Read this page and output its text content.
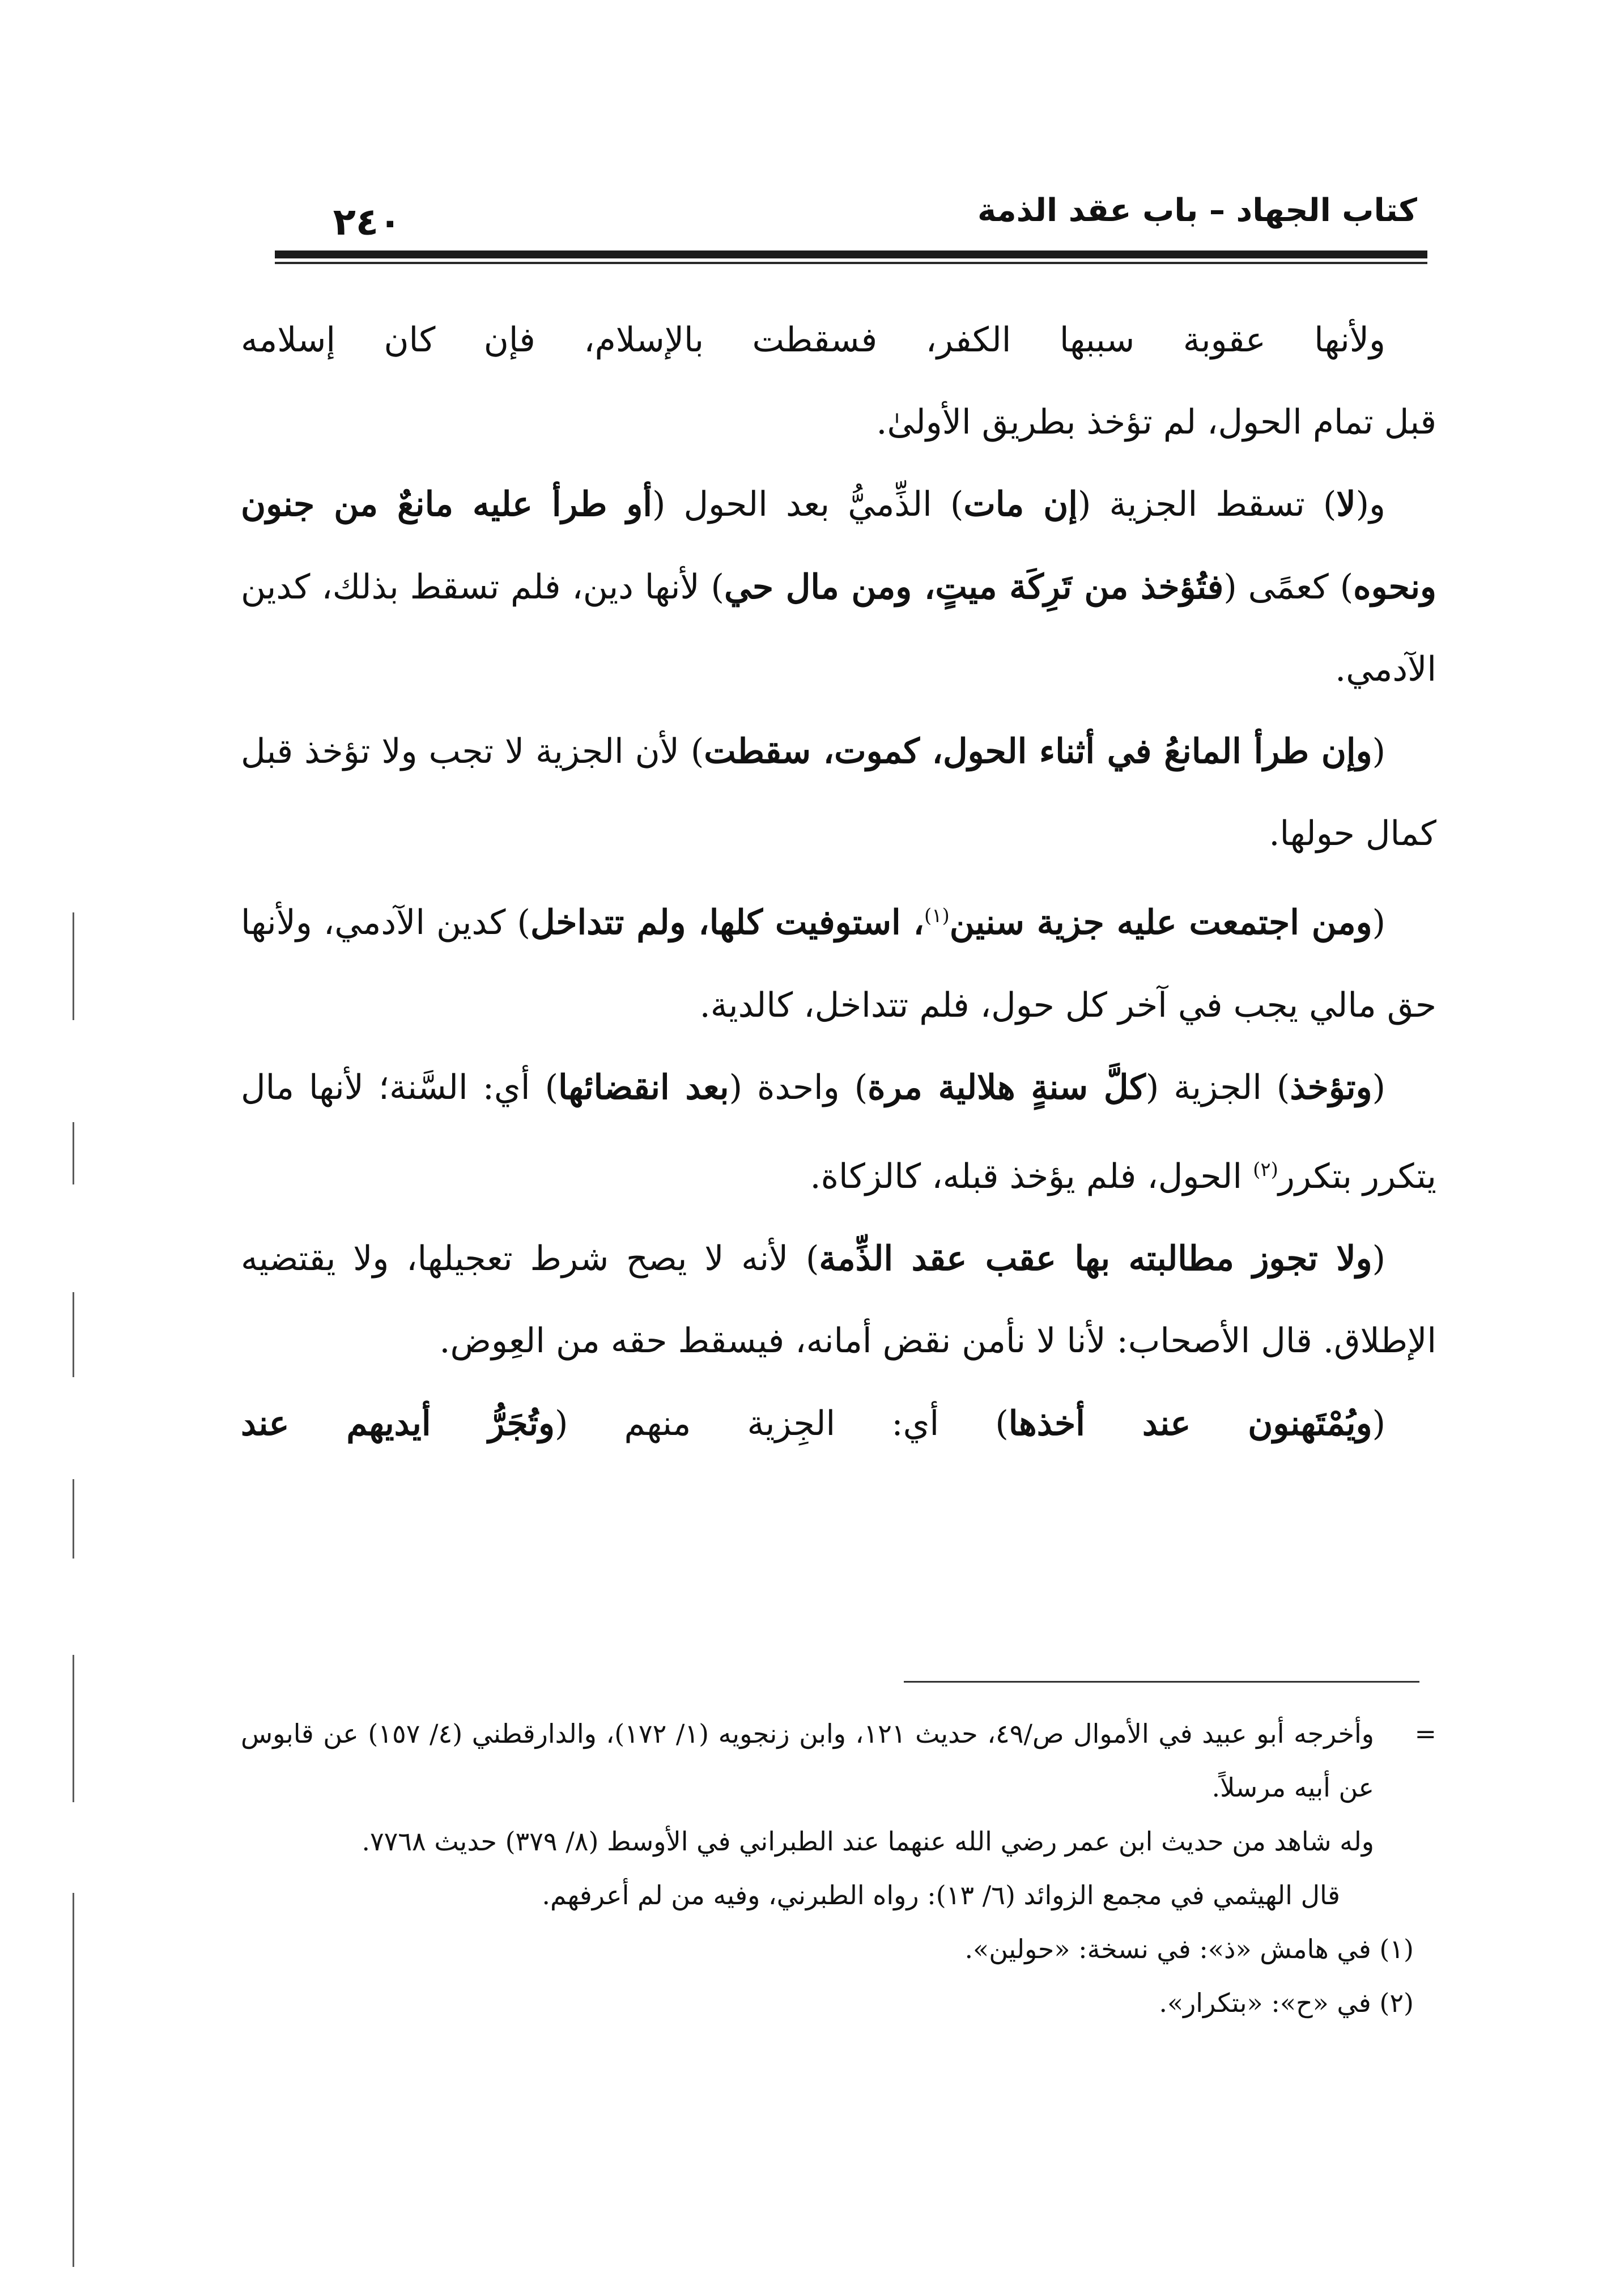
كتاب الجهاد – باب عقد الذمة
٢٤٠

ولأنها عقوبة سببها الكفر، فسقطت بالإسلام، فإن كان إسلامه

قبل تمام الحول، لم تؤخذ بطريق الأولىٰ.

و(لا) تسقط الجزية (إن مات) الذِّميُّ بعد الحول (أو طرأ عليه مانعٌ من جنون ونحوه) كعمًى (فتُؤخذ من تَرِكَة ميتٍ، ومن مال حي) لأنها دين، فلم تسقط بذلك، كدين الآدمي.

(وإن طرأ المانعُ في أثناء الحول، كموت، سقطت) لأن الجزية لا تجب ولا تؤخذ قبل كمال حولها.

(ومن اجتمعت عليه جزية سنين$^{(١)}$، استوفيت كلها، ولم تتداخل) كدين الآدمي، ولأنها حق مالي يجب في آخر كل حول، فلم تتداخل، كالدية.

(وتؤخذ) الجزية (كلَّ سنةٍ هلالية مرة) واحدة (بعد انقضائها) أي: السَّنة؛ لأنها مال يتكرر بتكرر$^{(٢)}$ الحول، فلم يؤخذ قبله، كالزكاة.

(ولا تجوز مطالبته بها عقب عقد الذِّمة) لأنه لا يصح شرط تعجيلها، ولا يقتضيه الإطلاق. قال الأصحاب: لأنا لا نأمن نقض أمانه، فيسقط حقه من العِوض.

(ويُمْتَهنون عند أخذها) أي: الجِزية منهم (وتُجَرُّ أيديهم عند

=

وأخرجه أبو عبيد في الأموال ص/٤٩، حديث ١٢١، وابن زنجويه (١/ ١٧٢)، والدارقطني (٤/ ١٥٧) عن قابوس عن أبيه مرسلاً.

وله شاهد من حديث ابن عمر رضي الله عنهما عند الطبراني في الأوسط (٨/ ٣٧٩) حديث ٧٧٦٨.

قال الهيثمي في مجمع الزوائد (٦/ ١٣): رواه الطبرني، وفيه من لم أعرفهم.

(١) في هامش «ذ»: في نسخة: «حولين».

(٢) في «ح»: «بتكرار».
